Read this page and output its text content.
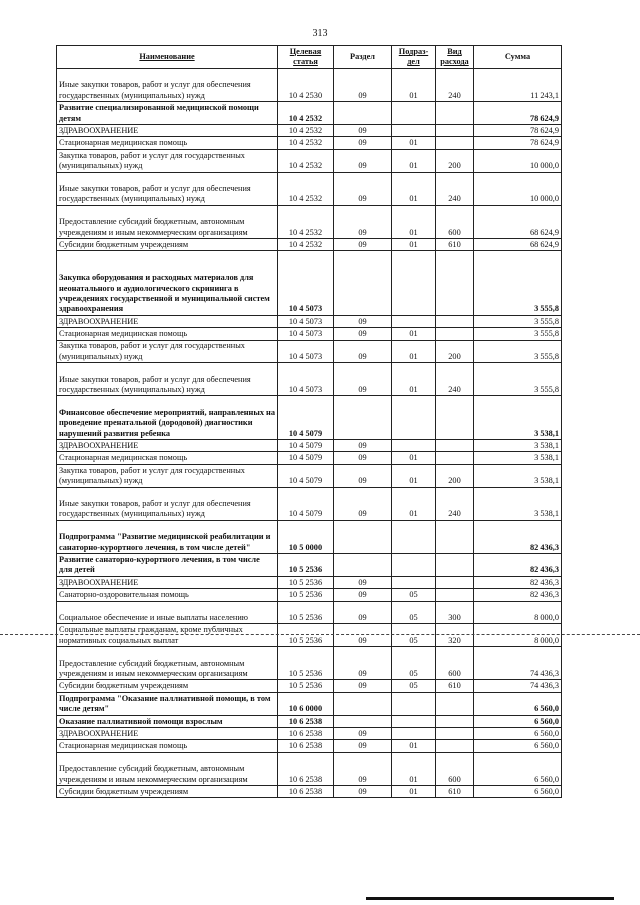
313
Наименование	Целевая статья	Раздел	Подраз-дел	Вид расхода	Сумма
Иные закупки товаров, работ и услуг для обеспечения государственных (муниципальных) нужд	10 4 2530	09	01	240	11 243,1
Развитие специализированной медицинской помощи детям	10 4 2532				78 624,9
ЗДРАВООХРАНЕНИЕ	10 4 2532	09			78 624,9
Стационарная медицинская помощь	10 4 2532	09	01		78 624,9
Закупка товаров, работ и услуг для государственных (муниципальных) нужд	10 4 2532	09	01	200	10 000,0
Иные закупки товаров, работ и услуг для обеспечения государственных (муниципальных) нужд	10 4 2532	09	01	240	10 000,0
Предоставление субсидий бюджетным, автономным учреждениям и иным некоммерческим организациям	10 4 2532	09	01	600	68 624,9
Субсидии бюджетным учреждениям	10 4 2532	09	01	610	68 624,9
Закупка оборудования и расходных материалов для неонатального и аудиологического скрининга в учреждениях государственной и муниципальной систем здравоохранения	10 4 5073				3 555,8
ЗДРАВООХРАНЕНИЕ	10 4 5073	09			3 555,8
Стационарная медицинская помощь	10 4 5073	09	01		3 555,8
Закупка товаров, работ и услуг для государственных (муниципальных) нужд	10 4 5073	09	01	200	3 555,8
Иные закупки товаров, работ и услуг для обеспечения государственных (муниципальных) нужд	10 4 5073	09	01	240	3 555,8
Финансовое обеспечение мероприятий, направленных на проведение пренатальной (дородовой) диагностики нарушений развития ребенка	10 4 5079				3 538,1
ЗДРАВООХРАНЕНИЕ	10 4 5079	09			3 538,1
Стационарная медицинская помощь	10 4 5079	09	01		3 538,1
Закупка товаров, работ и услуг для государственных (муниципальных) нужд	10 4 5079	09	01	200	3 538,1
Иные закупки товаров, работ и услуг для обеспечения государственных (муниципальных) нужд	10 4 5079	09	01	240	3 538,1
Подпрограмма "Развитие медицинской реабилитации и санаторно-курортного лечения, в том числе детей"	10 5 0000				82 436,3
Развитие санаторно-курортного лечения, в том числе для детей	10 5 2536				82 436,3
ЗДРАВООХРАНЕНИЕ	10 5 2536	09			82 436,3
Санаторно-оздоровительная помощь	10 5 2536	09	05		82 436,3
Социальное обеспечение и иные выплаты населению	10 5 2536	09	05	300	8 000,0
Социальные выплаты гражданам, кроме публичных нормативных социальных выплат	10 5 2536	09	05	320	8 000,0
Предоставление субсидий бюджетным, автономным учреждениям и иным некоммерческим организациям	10 5 2536	09	05	600	74 436,3
Субсидии бюджетным учреждениям	10 5 2536	09	05	610	74 436,3
Подпрограмма "Оказание паллиативной помощи, в том числе детям"	10 6 0000				6 560,0
Оказание паллиативной помощи взрослым	10 6 2538				6 560,0
ЗДРАВООХРАНЕНИЕ	10 6 2538	09			6 560,0
Стационарная медицинская помощь	10 6 2538	09	01		6 560,0
Предоставление субсидий бюджетным, автономным учреждениям и иным некоммерческим организациям	10 6 2538	09	01	600	6 560,0
Субсидии бюджетным учреждениям	10 6 2538	09	01	610	6 560,0
